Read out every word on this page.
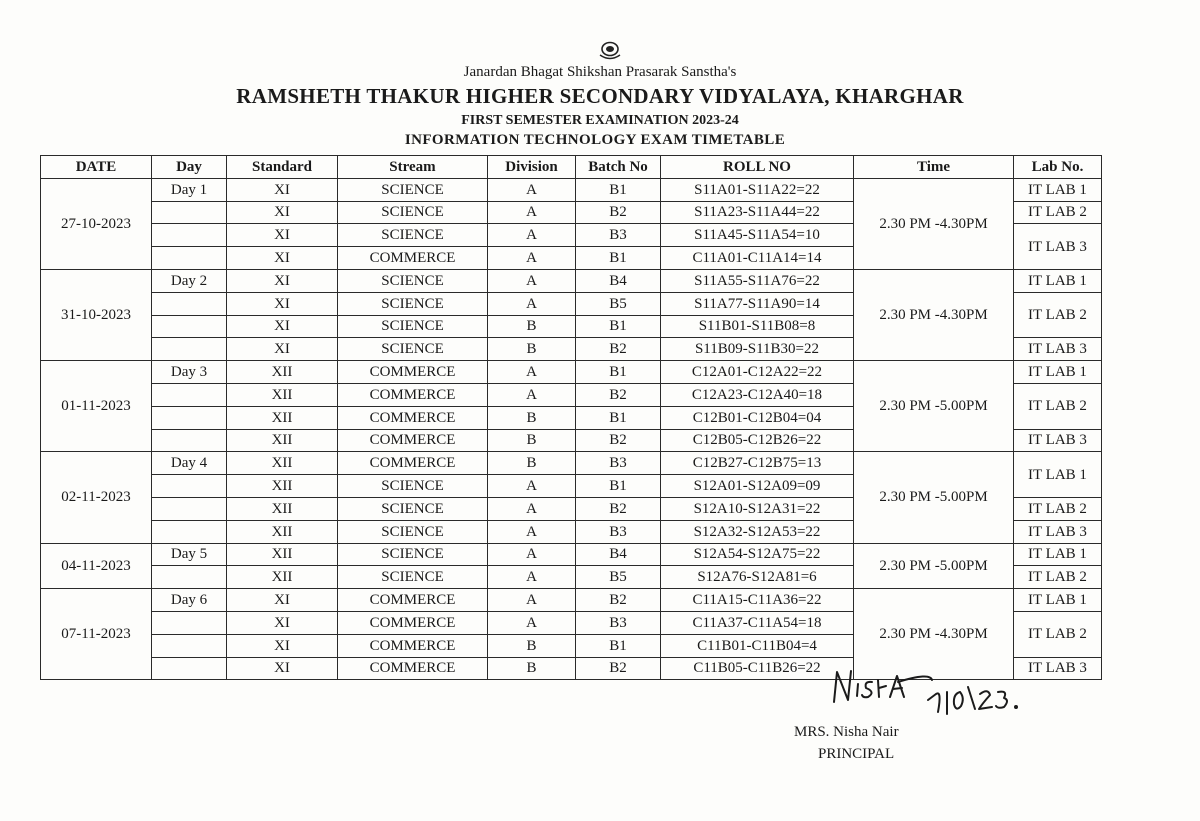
Janardan Bhagat Shikshan Prasarak Sanstha's
RAMSHETH THAKUR HIGHER SECONDARY VIDYALAYA, KHARGHAR
FIRST SEMESTER EXAMINATION 2023-24
INFORMATION TECHNOLOGY EXAM TIMETABLE
DATE	Day	Standard	Stream	Division	Batch No	ROLL NO	Time	Lab No.
27-10-2023	Day 1	XI	SCIENCE	A	B1	S11A01-S11A22=22	2.30 PM -4.30PM	IT LAB 1
		XI	SCIENCE	A	B2	S11A23-S11A44=22		IT LAB 2
		XI	SCIENCE	A	B3	S11A45-S11A54=10		IT LAB 3
		XI	COMMERCE	A	B1	C11A01-C11A14=14		
31-10-2023	Day 2	XI	SCIENCE	A	B4	S11A55-S11A76=22	2.30 PM -4.30PM	IT LAB 1
		XI	SCIENCE	A	B5	S11A77-S11A90=14		IT LAB 2
		XI	SCIENCE	B	B1	S11B01-S11B08=8		
		XI	SCIENCE	B	B2	S11B09-S11B30=22		IT LAB 3
01-11-2023	Day 3	XII	COMMERCE	A	B1	C12A01-C12A22=22	2.30 PM -5.00PM	IT LAB 1
		XII	COMMERCE	A	B2	C12A23-C12A40=18		IT LAB 2
		XII	COMMERCE	B	B1	C12B01-C12B04=04		
		XII	COMMERCE	B	B2	C12B05-C12B26=22		IT LAB 3
02-11-2023	Day 4	XII	COMMERCE	B	B3	C12B27-C12B75=13	2.30 PM -5.00PM	IT LAB 1
		XII	SCIENCE	A	B1	S12A01-S12A09=09		
		XII	SCIENCE	A	B2	S12A10-S12A31=22		IT LAB 2
		XII	SCIENCE	A	B3	S12A32-S12A53=22		IT LAB 3
04-11-2023	Day 5	XII	SCIENCE	A	B4	S12A54-S12A75=22	2.30 PM -5.00PM	IT LAB 1
		XII	SCIENCE	A	B5	S12A76-S12A81=6		IT LAB 2
07-11-2023	Day 6	XI	COMMERCE	A	B2	C11A15-C11A36=22	2.30 PM -4.30PM	IT LAB 1
		XI	COMMERCE	A	B3	C11A37-C11A54=18		IT LAB 2
		XI	COMMERCE	B	B1	C11B01-C11B04=4		
		XI	COMMERCE	B	B2	C11B05-C11B26=22		IT LAB 3
MRS. Nisha Nair
PRINCIPAL
